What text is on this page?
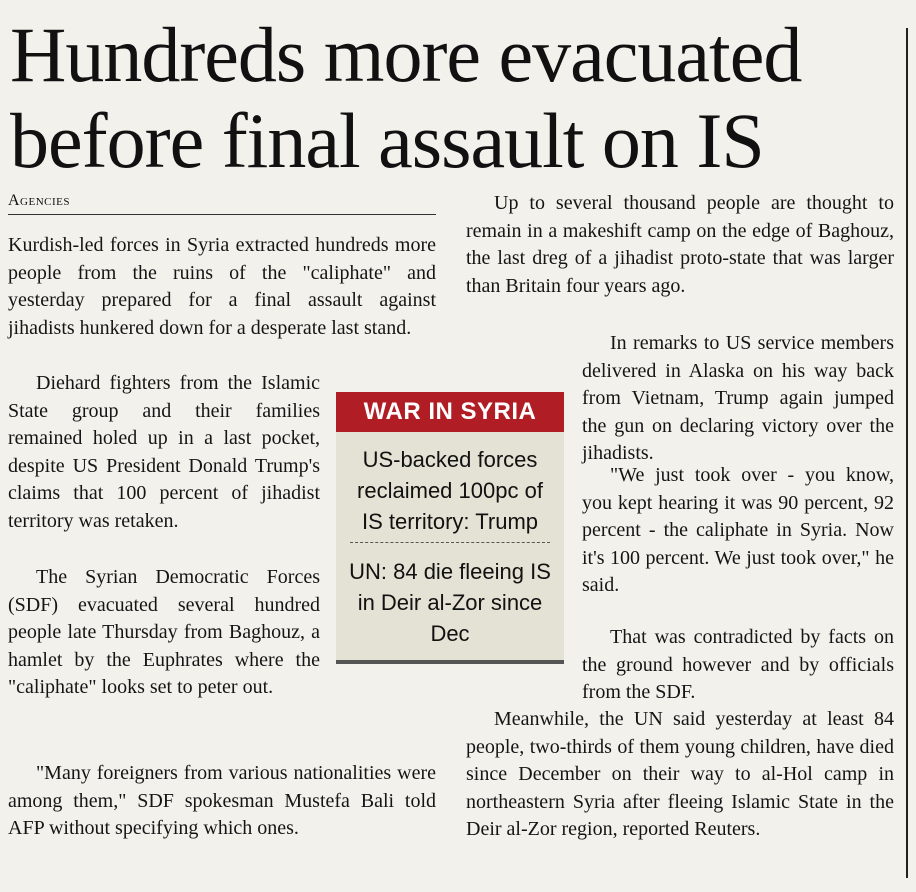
Hundreds more evacuated before final assault on IS
Agencies

Kurdish-led forces in Syria extracted hundreds more people from the ruins of the "caliphate" and yesterday prepared for a final assault against jihadists hunkered down for a desperate last stand.

Diehard fighters from the Islamic State group and their families remained holed up in a last pocket, despite US President Donald Trump's claims that 100 percent of jihadist territory was retaken.

The Syrian Democratic Forces (SDF) evacuated several hundred people late Thursday from Baghouz, a hamlet by the Euphrates where the "caliphate" looks set to peter out.

"Many foreigners from various nationalities were among them," SDF spokesman Mustefa Bali told AFP without specifying which ones.

Up to several thousand people are thought to remain in a makeshift camp on the edge of Baghouz, the last dreg of a jihadist proto-state that was larger than Britain four years ago.

In remarks to US service members delivered in Alaska on his way back from Vietnam, Trump again jumped the gun on declaring victory over the jihadists.

"We just took over - you know, you kept hearing it was 90 percent, 92 percent - the caliphate in Syria. Now it's 100 percent. We just took over," he said.

That was contradicted by facts on the ground however and by officials from the SDF.

Meanwhile, the UN said yesterday at least 84 people, two-thirds of them young children, have died since December on their way to al-Hol camp in northeastern Syria after fleeing Islamic State in the Deir al-Zor region, reported Reuters.

WAR IN SYRIA
US-backed forces reclaimed 100pc of IS territory: Trump
UN: 84 die fleeing IS in Deir al-Zor since Dec
